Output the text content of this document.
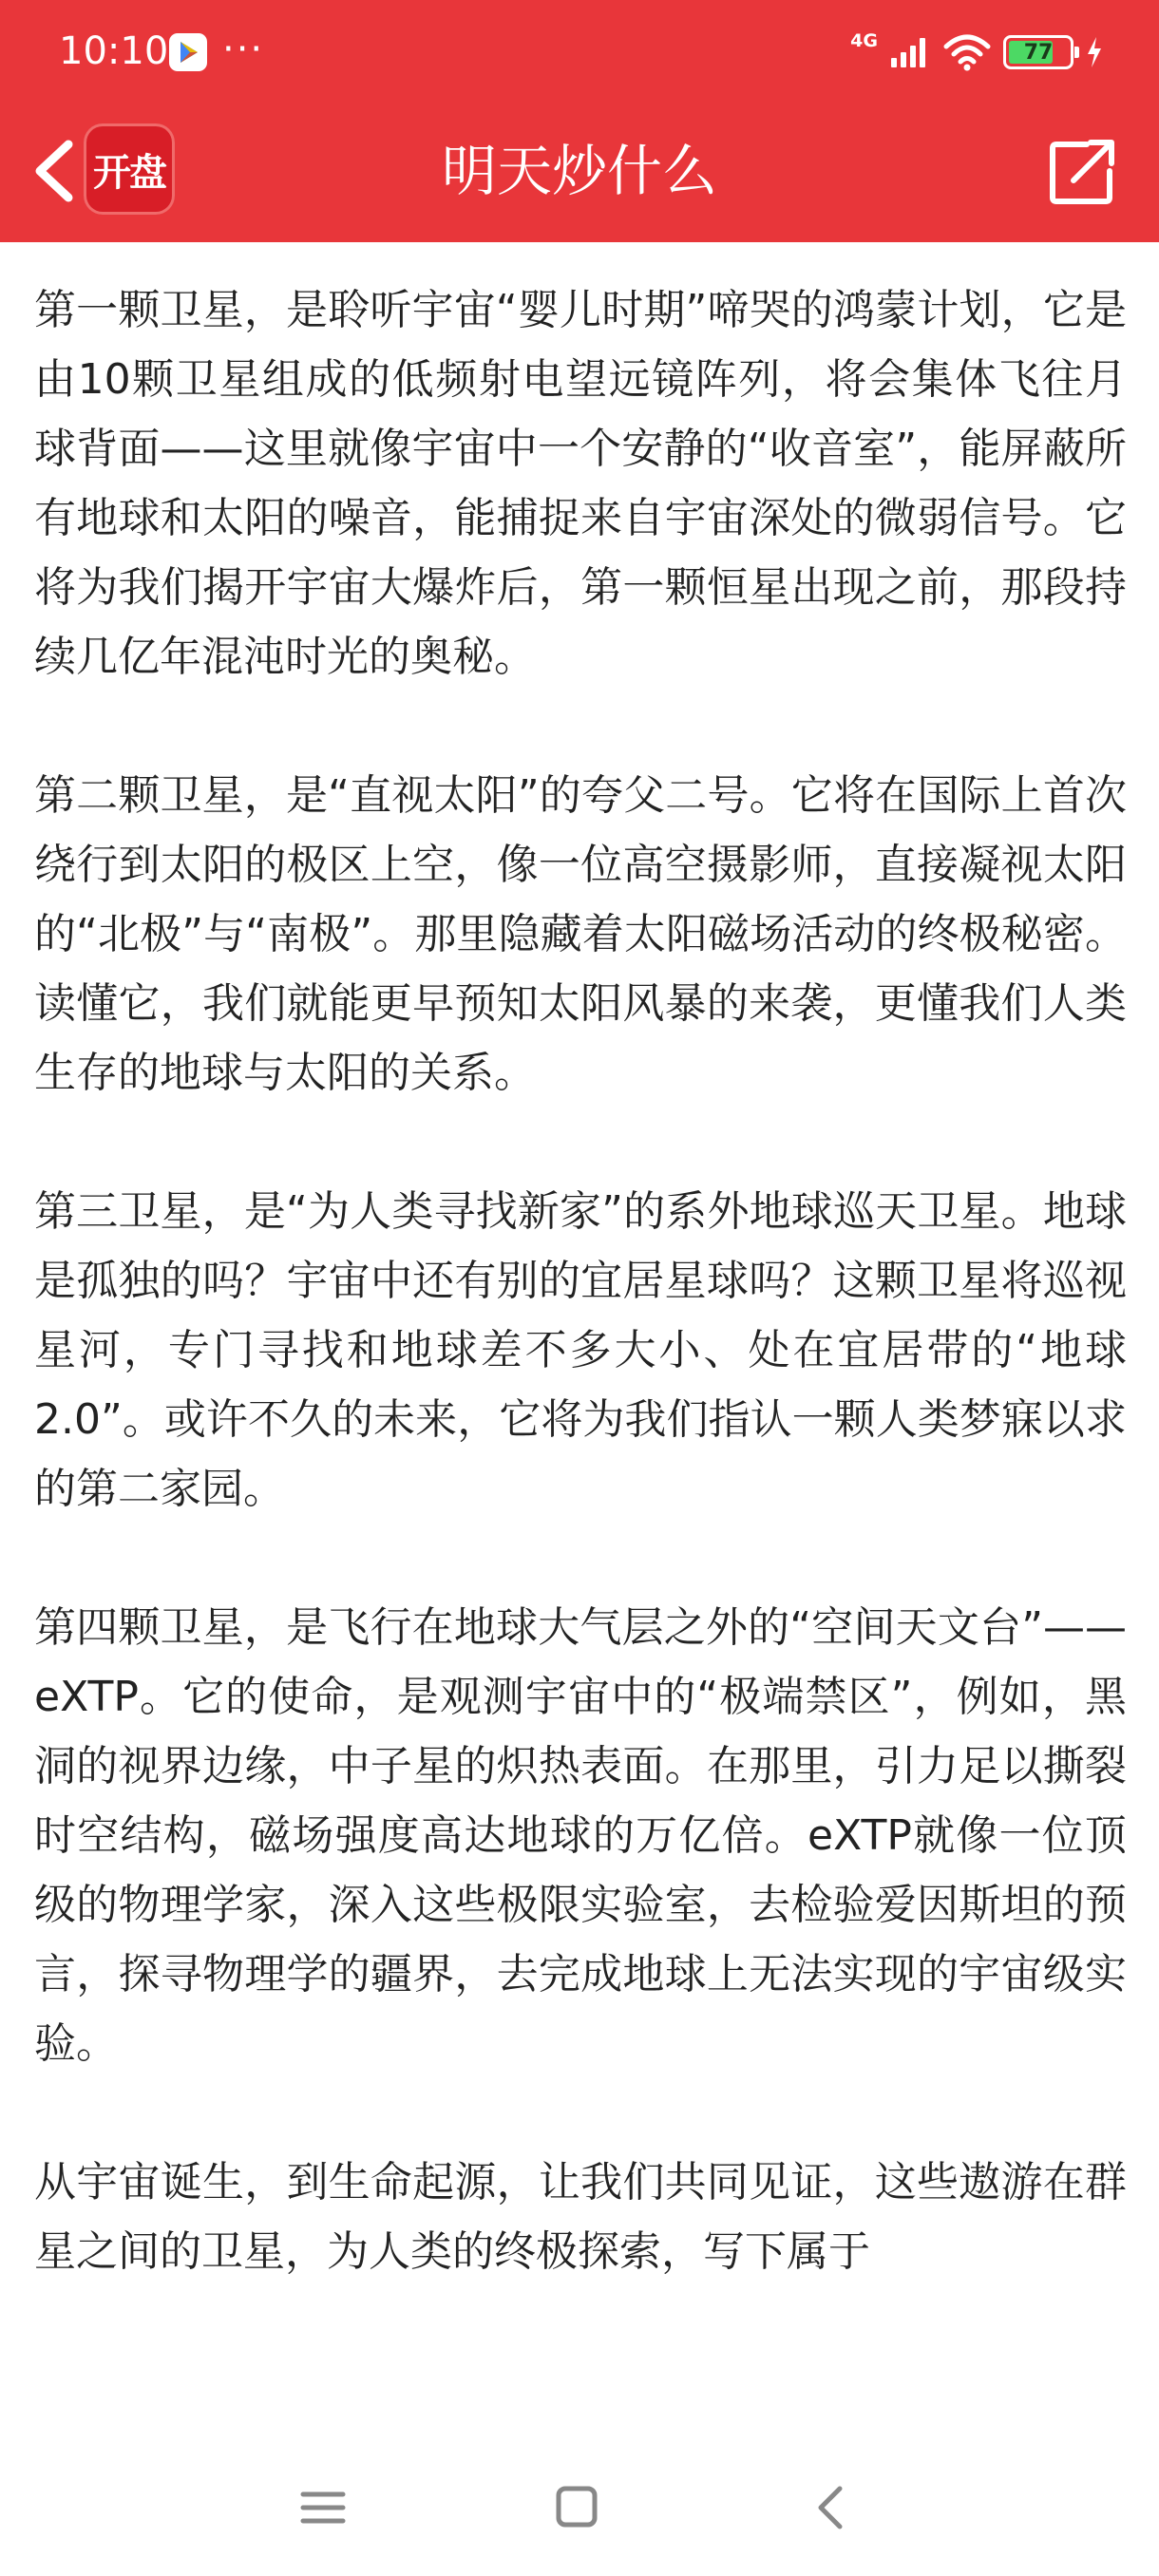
10:10 ···	4G	77
开盘	明天炒什么

第一颗卫星，是聆听宇宙“婴儿时期”啼哭的鸿蒙计划，它是由10颗卫星组成的低频射电望远镜阵列，将会集体飞往月球背面——这里就像宇宙中一个安静的“收音室”，能屏蔽所有地球和太阳的噪音，能捕捉来自宇宙深处的微弱信号。它将为我们揭开宇宙大爆炸后，第一颗恒星出现之前，那段持续几亿年混沌时光的奥秘。

第二颗卫星，是“直视太阳”的夸父二号。它将在国际上首次绕行到太阳的极区上空，像一位高空摄影师，直接凝视太阳的“北极”与“南极”。那里隐藏着太阳磁场活动的终极秘密。读懂它，我们就能更早预知太阳风暴的来袭，更懂我们人类生存的地球与太阳的关系。

第三卫星，是“为人类寻找新家”的系外地球巡天卫星。地球是孤独的吗？宇宙中还有别的宜居星球吗？这颗卫星将巡视星河，专门寻找和地球差不多大小、处在宜居带的“地球2.0”。或许不久的未来，它将为我们指认一颗人类梦寐以求的第二家园。

第四颗卫星，是飞行在地球大气层之外的“空间天文台”——eXTP。它的使命，是观测宇宙中的“极端禁区”，例如，黑洞的视界边缘，中子星的炽热表面。在那里，引力足以撕裂时空结构，磁场强度高达地球的万亿倍。eXTP就像一位顶级的物理学家，深入这些极限实验室，去检验爱因斯坦的预言，探寻物理学的疆界，去完成地球上无法实现的宇宙级实验。

从宇宙诞生，到生命起源，让我们共同见证，这些遨游在群星之间的卫星，为人类的终极探索，写下属于
